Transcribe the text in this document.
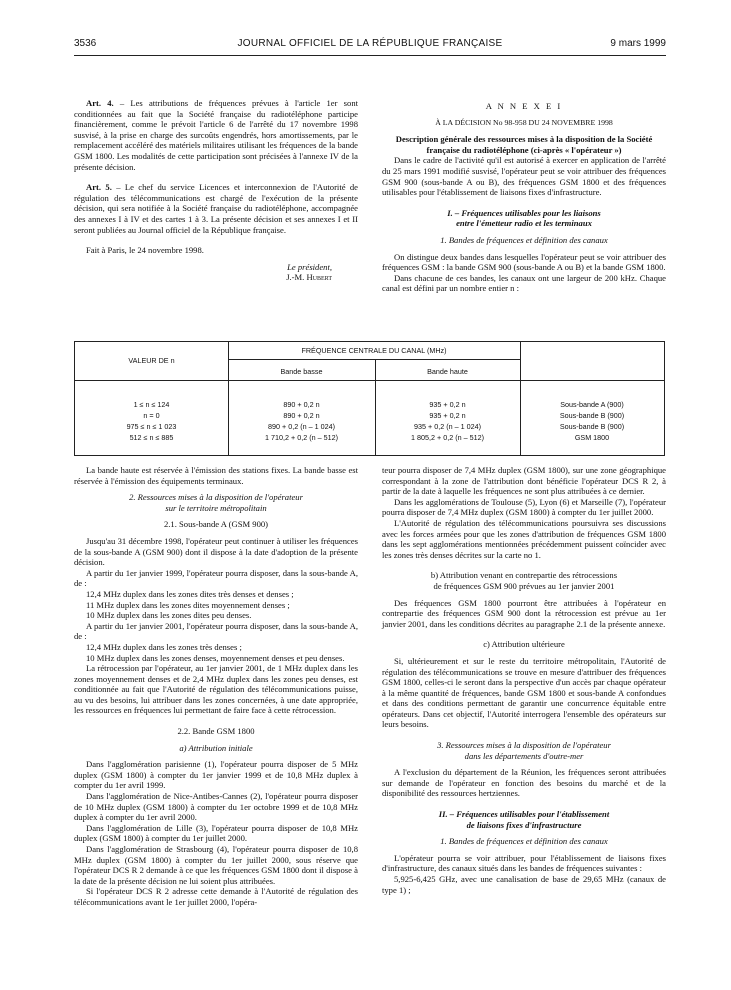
3536	JOURNAL OFFICIEL DE LA RÉPUBLIQUE FRANÇAISE	9 mars 1999

Art. 4. – Les attributions de fréquences prévues à l'article 1er sont conditionnées au fait que la Société française du radiotéléphone participe financièrement, comme le prévoit l'article 6 de l'arrêté du 17 novembre 1998 susvisé, à la prise en charge des surcoûts engendrés, hors amortissements, par le remplacement accéléré des matériels militaires utilisant les fréquences de la bande GSM 1800. Les modalités de cette participation sont précisées à l'annexe IV de la présente décision.

Art. 5. – Le chef du service Licences et interconnexion de l'Autorité de régulation des télécommunications est chargé de l'exécution de la présente décision, qui sera notifiée à la Société française du radiotéléphone, accompagnée des annexes I à IV et des cartes 1 à 3. La présente décision et ses annexes I et II seront publiées au Journal officiel de la République française.

Fait à Paris, le 24 novembre 1998.

Le président,

J.-M. Hubert

A N N E X E I

À LA DÉCISION No 98-958 DU 24 NOVEMBRE 1998

Description générale des ressources mises à la disposition de la Société française du radiotéléphone (ci-après « l'opérateur »)

Dans le cadre de l'activité qu'il est autorisé à exercer en application de l'arrêté du 25 mars 1991 modifié susvisé, l'opérateur peut se voir attribuer des fréquences GSM 900 (sous-bande A ou B), des fréquences GSM 1800 et des fréquences utilisables pour l'établissement de liaisons fixes d'infrastructure.

I. – Fréquences utilisables pour les liaisons

entre l'émetteur radio et les terminaux

1. Bandes de fréquences et définition des canaux

On distingue deux bandes dans lesquelles l'opérateur peut se voir attribuer des fréquences GSM : la bande GSM 900 (sous-bande A ou B) et la bande GSM 1800.

Dans chacune de ces bandes, les canaux ont une largeur de 200 kHz. Chaque canal est défini par un nombre entier n :

VALEUR DE n
FRÉQUENCE CENTRALE DU CANAL (MHz)
Bande basse	Bande haute
1 ≤ n ≤ 124	890 + 0,2 n	935 + 0,2 n	Sous-bande A (900)
n = 0	890 + 0,2 n	935 + 0,2 n	Sous-bande B (900)
975 ≤ n ≤ 1 023	890 + 0,2 (n – 1 024)	935 + 0,2 (n – 1 024)	Sous-bande B (900)
512 ≤ n ≤ 885	1 710,2 + 0,2 (n – 512)	1 805,2 + 0,2 (n – 512)	GSM 1800

La bande haute est réservée à l'émission des stations fixes. La bande basse est réservée à l'émission des équipements terminaux.

2. Ressources mises à la disposition de l'opérateur

sur le territoire métropolitain

2.1. Sous-bande A (GSM 900)

Jusqu'au 31 décembre 1998, l'opérateur peut continuer à utiliser les fréquences de la sous-bande A (GSM 900) dont il dispose à la date d'adoption de la présente décision.

A partir du 1er janvier 1999, l'opérateur pourra disposer, dans la sous-bande A, de :

12,4 MHz duplex dans les zones dites très denses et denses ;

11 MHz duplex dans les zones dites moyennement denses ;

10 MHz duplex dans les zones dites peu denses.

A partir du 1er janvier 2001, l'opérateur pourra disposer, dans la sous-bande A, de :

12,4 MHz duplex dans les zones très denses ;

10 MHz duplex dans les zones denses, moyennement denses et peu denses.

La rétrocession par l'opérateur, au 1er janvier 2001, de 1 MHz duplex dans les zones moyennement denses et de 2,4 MHz duplex dans les zones peu denses, est conditionnée au fait que l'Autorité de régulation des télécommunications puisse, au vu des besoins, lui attribuer dans les zones concernées, à une date appropriée, les ressources en fréquences lui permettant de faire face à cette rétrocession.

2.2. Bande GSM 1800

a) Attribution initiale

Dans l'agglomération parisienne (1), l'opérateur pourra disposer de 5 MHz duplex (GSM 1800) à compter du 1er janvier 1999 et de 10,8 MHz duplex à compter du 1er avril 1999.

Dans l'agglomération de Nice-Antibes-Cannes (2), l'opérateur pourra disposer de 10 MHz duplex (GSM 1800) à compter du 1er octobre 1999 et de 10,8 MHz duplex à compter du 1er avril 2000.

Dans l'agglomération de Lille (3), l'opérateur pourra disposer de 10,8 MHz duplex (GSM 1800) à compter du 1er juillet 2000.

Dans l'agglomération de Strasbourg (4), l'opérateur pourra disposer de 10,8 MHz duplex (GSM 1800) à compter du 1er juillet 2000, sous réserve que l'opérateur DCS R 2 demande à ce que les fréquences GSM 1800 dont il dispose à la date de la présente décision ne lui soient plus attribuées.

Si l'opérateur DCS R 2 adresse cette demande à l'Autorité de régulation des télécommunications avant le 1er juillet 2000, l'opéra-

teur pourra disposer de 7,4 MHz duplex (GSM 1800), sur une zone géographique correspondant à la zone de l'attribution dont bénéficie l'opérateur DCS R 2, à partir de la date à laquelle les fréquences ne sont plus attribuées à ce dernier.

Dans les agglomérations de Toulouse (5), Lyon (6) et Marseille (7), l'opérateur pourra disposer de 7,4 MHz duplex (GSM 1800) à compter du 1er juillet 2000.

L'Autorité de régulation des télécommunications poursuivra ses discussions avec les forces armées pour que les zones d'attribution de fréquences GSM 1800 dans les sept agglomérations mentionnées précédemment puissent coïncider avec les zones très denses décrites sur la carte no 1.

b) Attribution venant en contrepartie des rétrocessions

de fréquences GSM 900 prévues au 1er janvier 2001

Des fréquences GSM 1800 pourront être attribuées à l'opérateur en contrepartie des fréquences GSM 900 dont la rétrocession est prévue au 1er janvier 2001, dans les conditions décrites au paragraphe 2.1 de la présente annexe.

c) Attribution ultérieure

Si, ultérieurement et sur le reste du territoire métropolitain, l'Autorité de régulation des télécommunications se trouve en mesure d'attribuer des fréquences GSM 1800, celles-ci le seront dans la perspective d'un accès par chaque opérateur à la même quantité de fréquences, bande GSM 1800 et sous-bande A confondues et dans des conditions permettant de garantir une concurrence équitable entre opérateurs. Dans cet objectif, l'Autorité interrogera l'ensemble des opérateurs sur leurs besoins.

3. Ressources mises à la disposition de l'opérateur

dans les départements d'outre-mer

A l'exclusion du département de la Réunion, les fréquences seront attribuées sur demande de l'opérateur en fonction des besoins du marché et de la disponibilité des ressources hertziennes.

II. – Fréquences utilisables pour l'établissement

de liaisons fixes d'infrastructure

1. Bandes de fréquences et définition des canaux

L'opérateur pourra se voir attribuer, pour l'établissement de liaisons fixes d'infrastructure, des canaux situés dans les bandes de fréquences suivantes :

5,925-6,425 GHz, avec une canalisation de base de 29,65 MHz (canaux de type 1) ;
